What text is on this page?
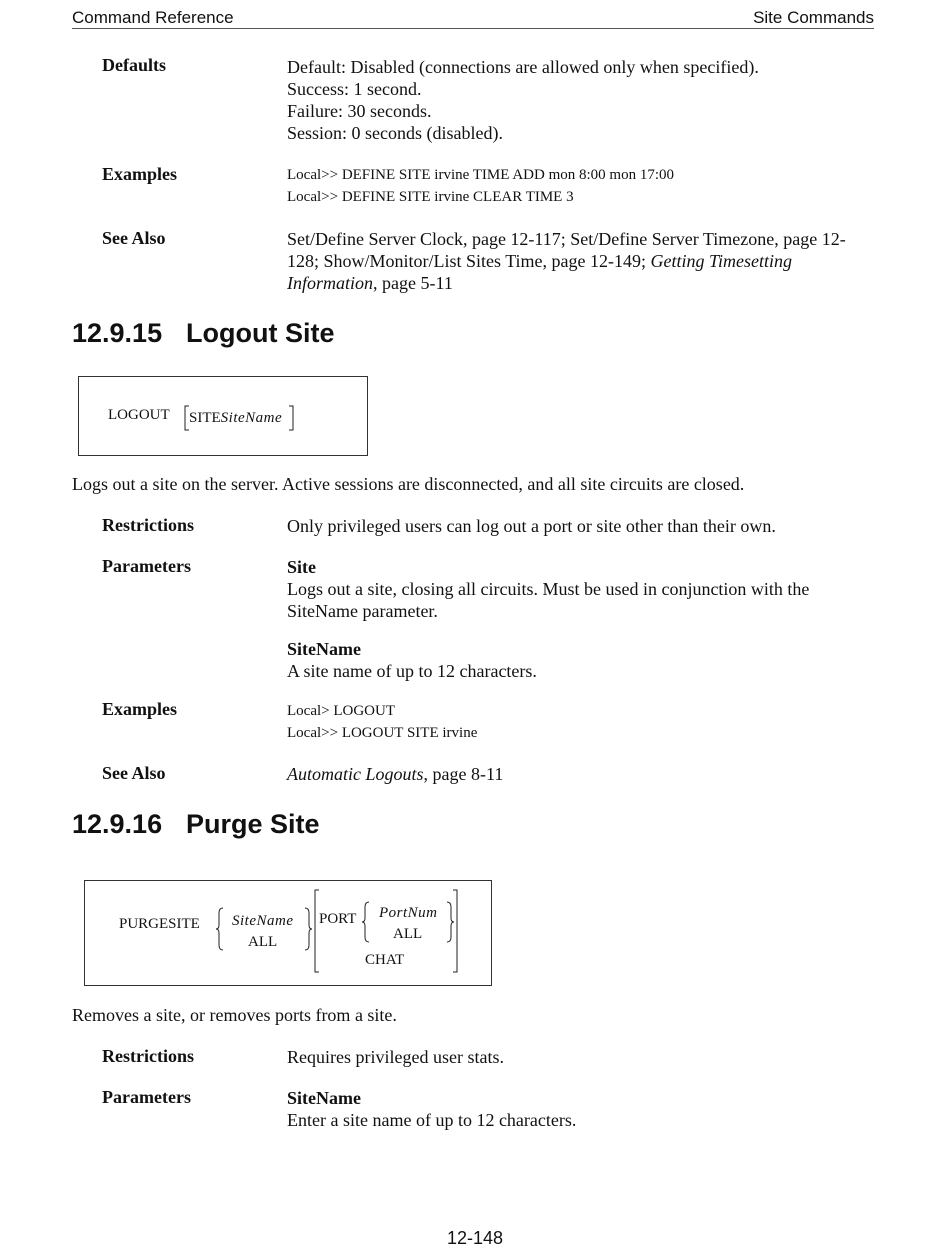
Command Reference	Site Commands
Defaults	Default: Disabled (connections are allowed only when specified).
Success: 1 second.
Failure: 30 seconds.
Session: 0 seconds (disabled).
Examples	Local>> DEFINE SITE irvine TIME ADD mon 8:00 mon 17:00
Local>> DEFINE SITE irvine CLEAR TIME 3
See Also	Set/Define Server Clock, page 12-117; Set/Define Server Timezone, page 12-
128; Show/Monitor/List Sites Time, page 12-149; Getting Timesetting
Information, page 5-11
12.9.15 Logout Site
LOGOUT SITESiteName
Logs out a site on the server. Active sessions are disconnected, and all site circuits are closed.
Restrictions	Only privileged users can log out a port or site other than their own.
Parameters	Site
Logs out a site, closing all circuits. Must be used in conjunction with the
SiteName parameter.
SiteName
A site name of up to 12 characters.
Examples	Local> LOGOUT
Local>> LOGOUT SITE irvine
See Also	Automatic Logouts, page 8-11
12.9.16 Purge Site
PURGESITE SiteName
ALL
PORT PortNum
ALL
CHAT
Removes a site, or removes ports from a site.
Restrictions	Requires privileged user stats.
Parameters	SiteName
Enter a site name of up to 12 characters.
12-148
